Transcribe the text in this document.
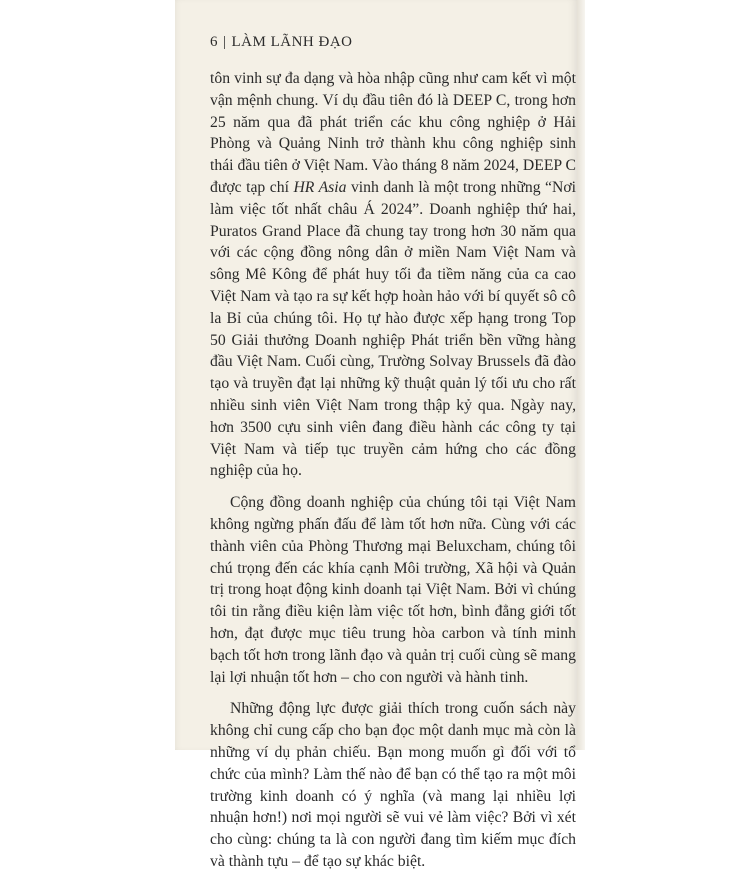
6 | LÀM LÃNH ĐẠO

tôn vinh sự đa dạng và hòa nhập cũng như cam kết vì một vận mệnh chung. Ví dụ đầu tiên đó là DEEP C, trong hơn 25 năm qua đã phát triển các khu công nghiệp ở Hải Phòng và Quảng Ninh trở thành khu công nghiệp sinh thái đầu tiên ở Việt Nam. Vào tháng 8 năm 2024, DEEP C được tạp chí HR Asia vinh danh là một trong những “Nơi làm việc tốt nhất châu Á 2024”. Doanh nghiệp thứ hai, Puratos Grand Place đã chung tay trong hơn 30 năm qua với các cộng đồng nông dân ở miền Nam Việt Nam và sông Mê Kông để phát huy tối đa tiềm năng của ca cao Việt Nam và tạo ra sự kết hợp hoàn hảo với bí quyết sô cô la Bỉ của chúng tôi. Họ tự hào được xếp hạng trong Top 50 Giải thưởng Doanh nghiệp Phát triển bền vững hàng đầu Việt Nam. Cuối cùng, Trường Solvay Brussels đã đào tạo và truyền đạt lại những kỹ thuật quản lý tối ưu cho rất nhiều sinh viên Việt Nam trong thập kỷ qua. Ngày nay, hơn 3500 cựu sinh viên đang điều hành các công ty tại Việt Nam và tiếp tục truyền cảm hứng cho các đồng nghiệp của họ.

Cộng đồng doanh nghiệp của chúng tôi tại Việt Nam không ngừng phấn đấu để làm tốt hơn nữa. Cùng với các thành viên của Phòng Thương mại Beluxcham, chúng tôi chú trọng đến các khía cạnh Môi trường, Xã hội và Quản trị trong hoạt động kinh doanh tại Việt Nam. Bởi vì chúng tôi tin rằng điều kiện làm việc tốt hơn, bình đẳng giới tốt hơn, đạt được mục tiêu trung hòa carbon và tính minh bạch tốt hơn trong lãnh đạo và quản trị cuối cùng sẽ mang lại lợi nhuận tốt hơn – cho con người và hành tinh.

Những động lực được giải thích trong cuốn sách này không chỉ cung cấp cho bạn đọc một danh mục mà còn là những ví dụ phản chiếu. Bạn mong muốn gì đối với tổ chức của mình? Làm thế nào để bạn có thể tạo ra một môi trường kinh doanh có ý nghĩa (và mang lại nhiều lợi nhuận hơn!) nơi mọi người sẽ vui vẻ làm việc? Bởi vì xét cho cùng: chúng ta là con người đang tìm kiếm mục đích và thành tựu – để tạo sự khác biệt.
